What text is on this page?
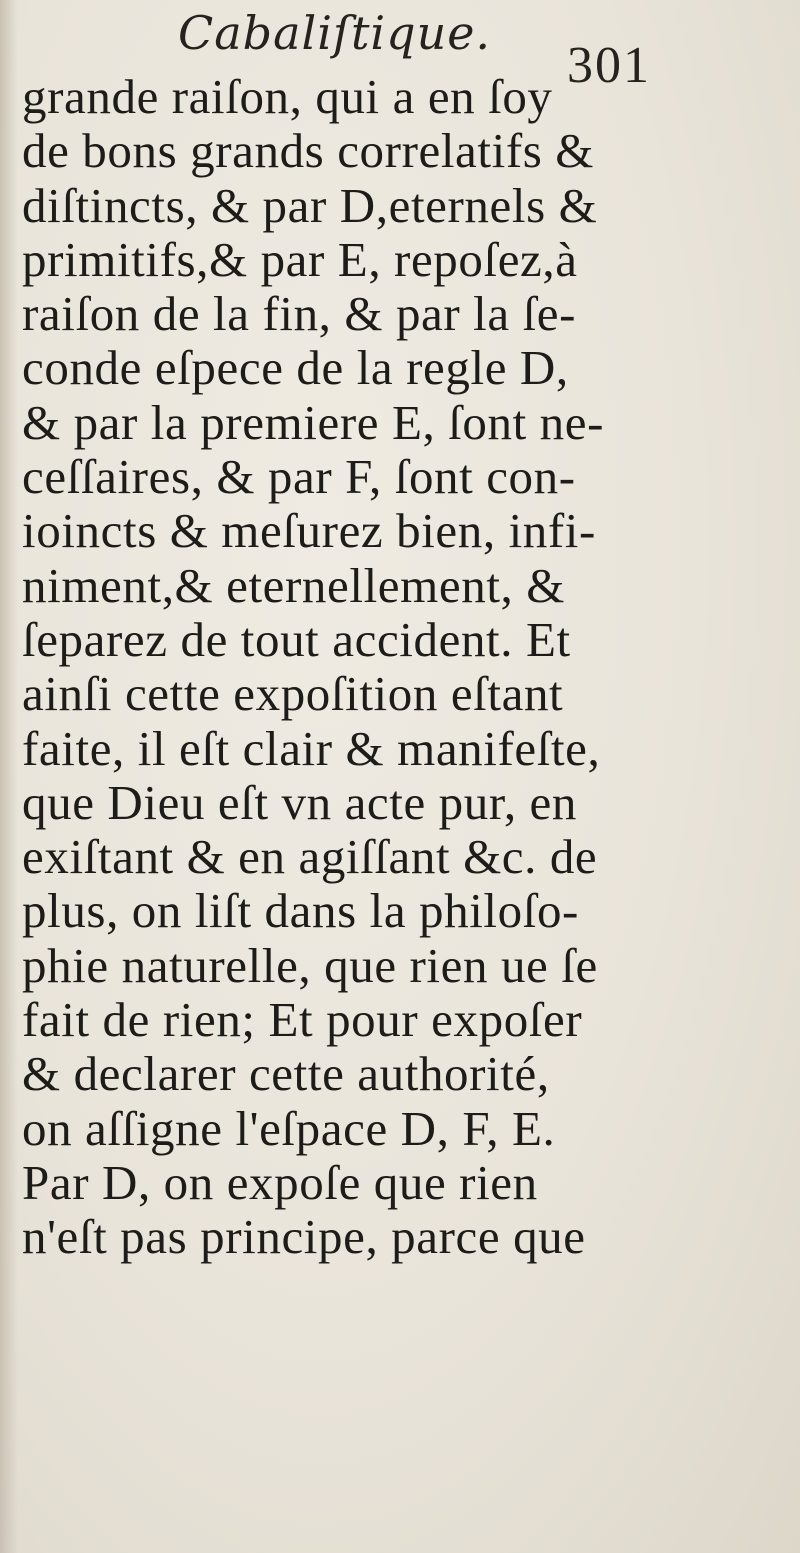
Cabaliſtique.
301
grande raiſon, qui a en ſoy
de bons grands correlatifs &
diſtincts, & par D,eternels &
primitifs,& par E, repoſez,à
raiſon de la fin, & par la ſe-
conde eſpece de la regle D,
& par la premiere E, ſont ne-
ceſſaires, & par F, ſont con-
ioincts & meſurez bien, infi-
niment,& eternellement, &
ſeparez de tout accident. Et
ainſi cette expoſition eſtant
faite, il eſt clair & manifeſte,
que Dieu eſt vn acte pur, en
exiſtant & en agiſſant &c. de
plus, on liſt dans la philoſo-
phie naturelle, que rien ue ſe
fait de rien; Et pour expoſer
& declarer cette authorité,
on aſſigne l'eſpace D, F, E.
Par D, on expoſe que rien
n'eſt pas principe, parce que
